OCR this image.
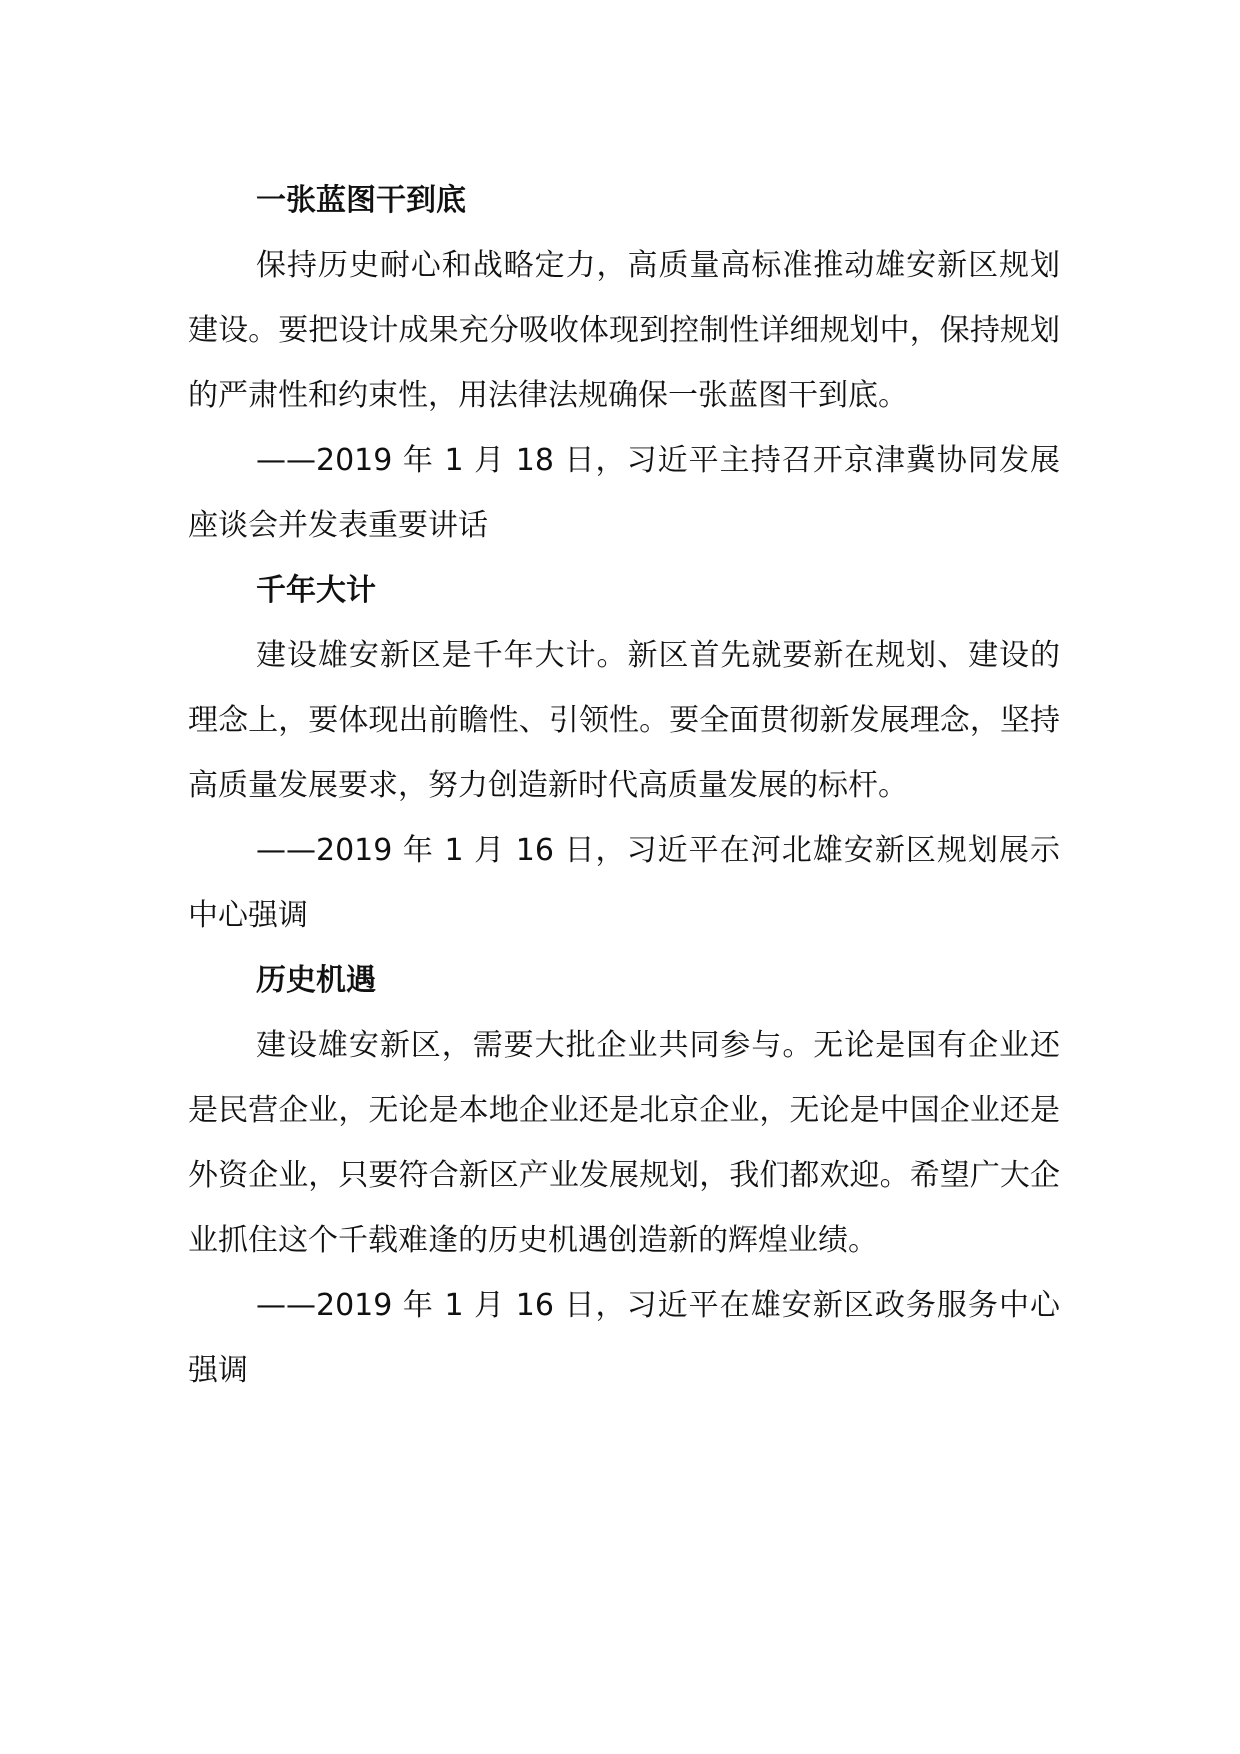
一张蓝图干到底

保持历史耐心和战略定力，高质量高标准推动雄安新区规划建设。要把设计成果充分吸收体现到控制性详细规划中，保持规划的严肃性和约束性，用法律法规确保一张蓝图干到底。

——2019 年 1 月 18 日，习近平主持召开京津冀协同发展座谈会并发表重要讲话

千年大计

建设雄安新区是千年大计。新区首先就要新在规划、建设的理念上，要体现出前瞻性、引领性。要全面贯彻新发展理念，坚持高质量发展要求，努力创造新时代高质量发展的标杆。

——2019 年 1 月 16 日，习近平在河北雄安新区规划展示中心强调

历史机遇

建设雄安新区，需要大批企业共同参与。无论是国有企业还是民营企业，无论是本地企业还是北京企业，无论是中国企业还是外资企业，只要符合新区产业发展规划，我们都欢迎。希望广大企业抓住这个千载难逢的历史机遇创造新的辉煌业绩。

——2019 年 1 月 16 日，习近平在雄安新区政务服务中心强调
